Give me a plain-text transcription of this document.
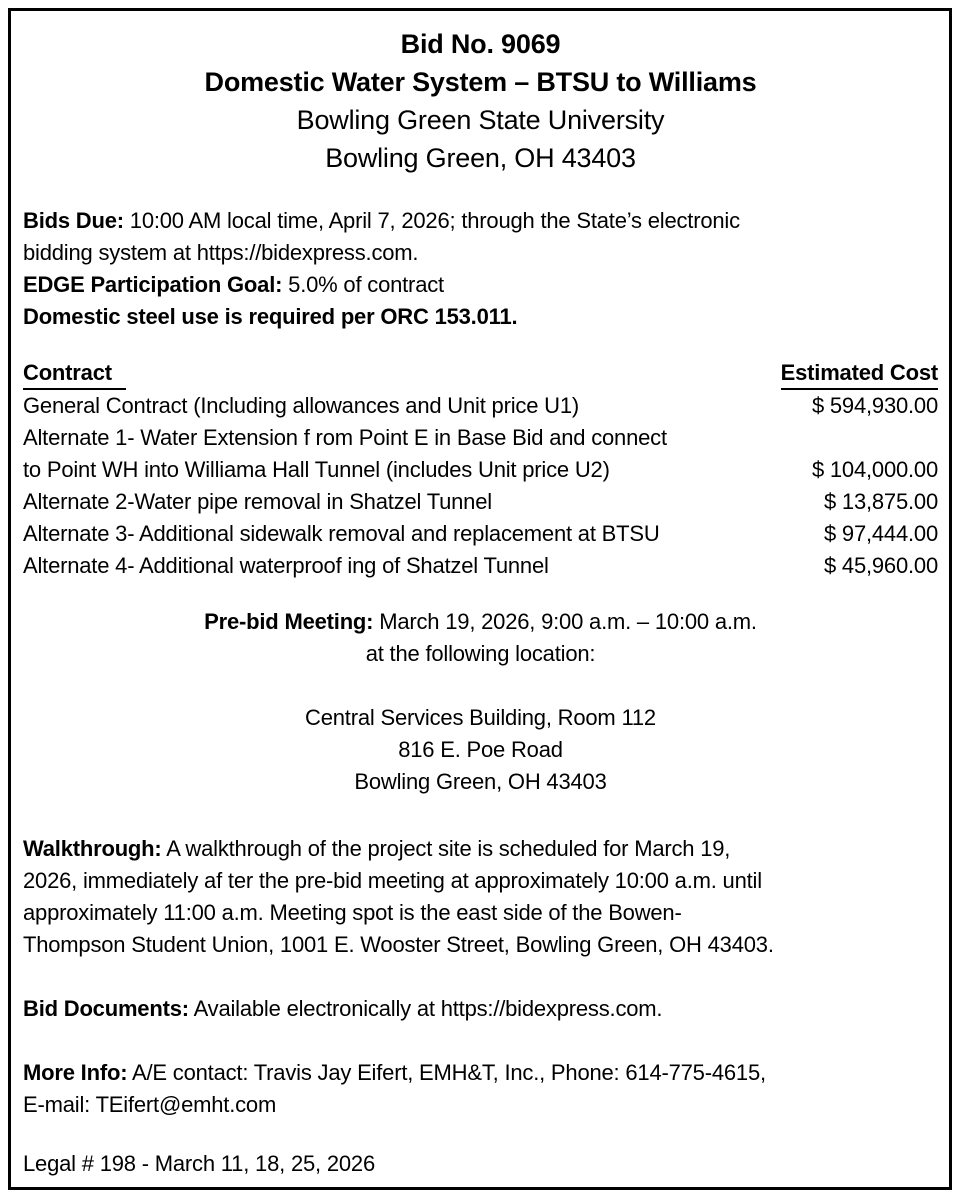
Bid No. 9069
Domestic Water System – BTSU to Williams
Bowling Green State University
Bowling Green, OH 43403
Bids Due: 10:00 AM local time, April 7, 2026; through the State’s electronic
bidding system at https://bidexpress.com.
EDGE Participation Goal: 5.0% of contract
Domestic steel use is required per ORC 153.011.
Contract	Estimated Cost
General Contract (Including allowances and Unit price U1)	$ 594,930.00
Alternate 1- Water Extension f rom Point E in Base Bid and connect
to Point WH into Williama Hall Tunnel (includes Unit price U2)	$ 104,000.00
Alternate 2-Water pipe removal in Shatzel Tunnel	$ 13,875.00
Alternate 3- Additional sidewalk removal and replacement at BTSU	$ 97,444.00
Alternate 4- Additional waterproof ing of Shatzel Tunnel	$ 45,960.00
Pre-bid Meeting: March 19, 2026, 9:00 a.m. – 10:00 a.m.
at the following location:
Central Services Building, Room 112
816 E. Poe Road
Bowling Green, OH 43403
Walkthrough: A walkthrough of the project site is scheduled for March 19,
2026, immediately af ter the pre-bid meeting at approximately 10:00 a.m. until
approximately 11:00 a.m. Meeting spot is the east side of the Bowen-
Thompson Student Union, 1001 E. Wooster Street, Bowling Green, OH 43403.
Bid Documents: Available electronically at https://bidexpress.com.
More Info: A/E contact: Travis Jay Eifert, EMH&T, Inc., Phone: 614-775-4615,
E-mail: TEifert@emht.com
Legal # 198 - March 11, 18, 25, 2026
